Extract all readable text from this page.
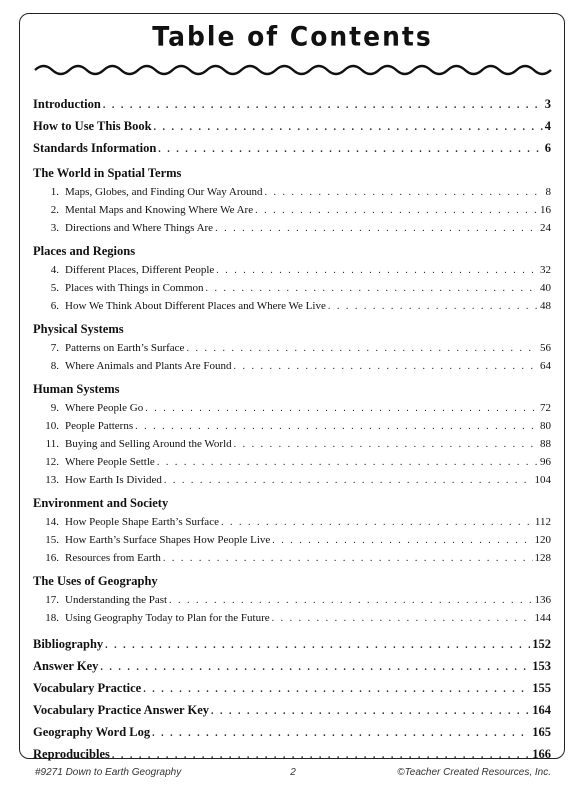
Table of Contents
Introduction . . .	3
How to Use This Book . . .	4
Standards Information . . .	6
The World in Spatial Terms
1. Maps, Globes, and Finding Our Way Around . . .	8
2. Mental Maps and Knowing Where We Are . . .	16
3. Directions and Where Things Are . . .	24
Places and Regions
4. Different Places, Different People . . .	32
5. Places with Things in Common . . .	40
6. How We Think About Different Places and Where We Live . . .	48
Physical Systems
7. Patterns on Earth’s Surface . . .	56
8. Where Animals and Plants Are Found . . .	64
Human Systems
9. Where People Go . . .	72
10. People Patterns . . .	80
11. Buying and Selling Around the World . . .	88
12. Where People Settle . . .	96
13. How Earth Is Divided . . .	104
Environment and Society
14. How People Shape Earth’s Surface . . .	112
15. How Earth’s Surface Shapes How People Live . . .	120
16. Resources from Earth . . .	128
The Uses of Geography
17. Understanding the Past . . .	136
18. Using Geography Today to Plan for the Future . . .	144
Bibliography . . .	152
Answer Key . . .	153
Vocabulary Practice . . .	155
Vocabulary Practice Answer Key . . .	164
Geography Word Log . . .	165
Reproducibles . . .	166
#9271 Down to Earth Geography	2	©Teacher Created Resources, Inc.
